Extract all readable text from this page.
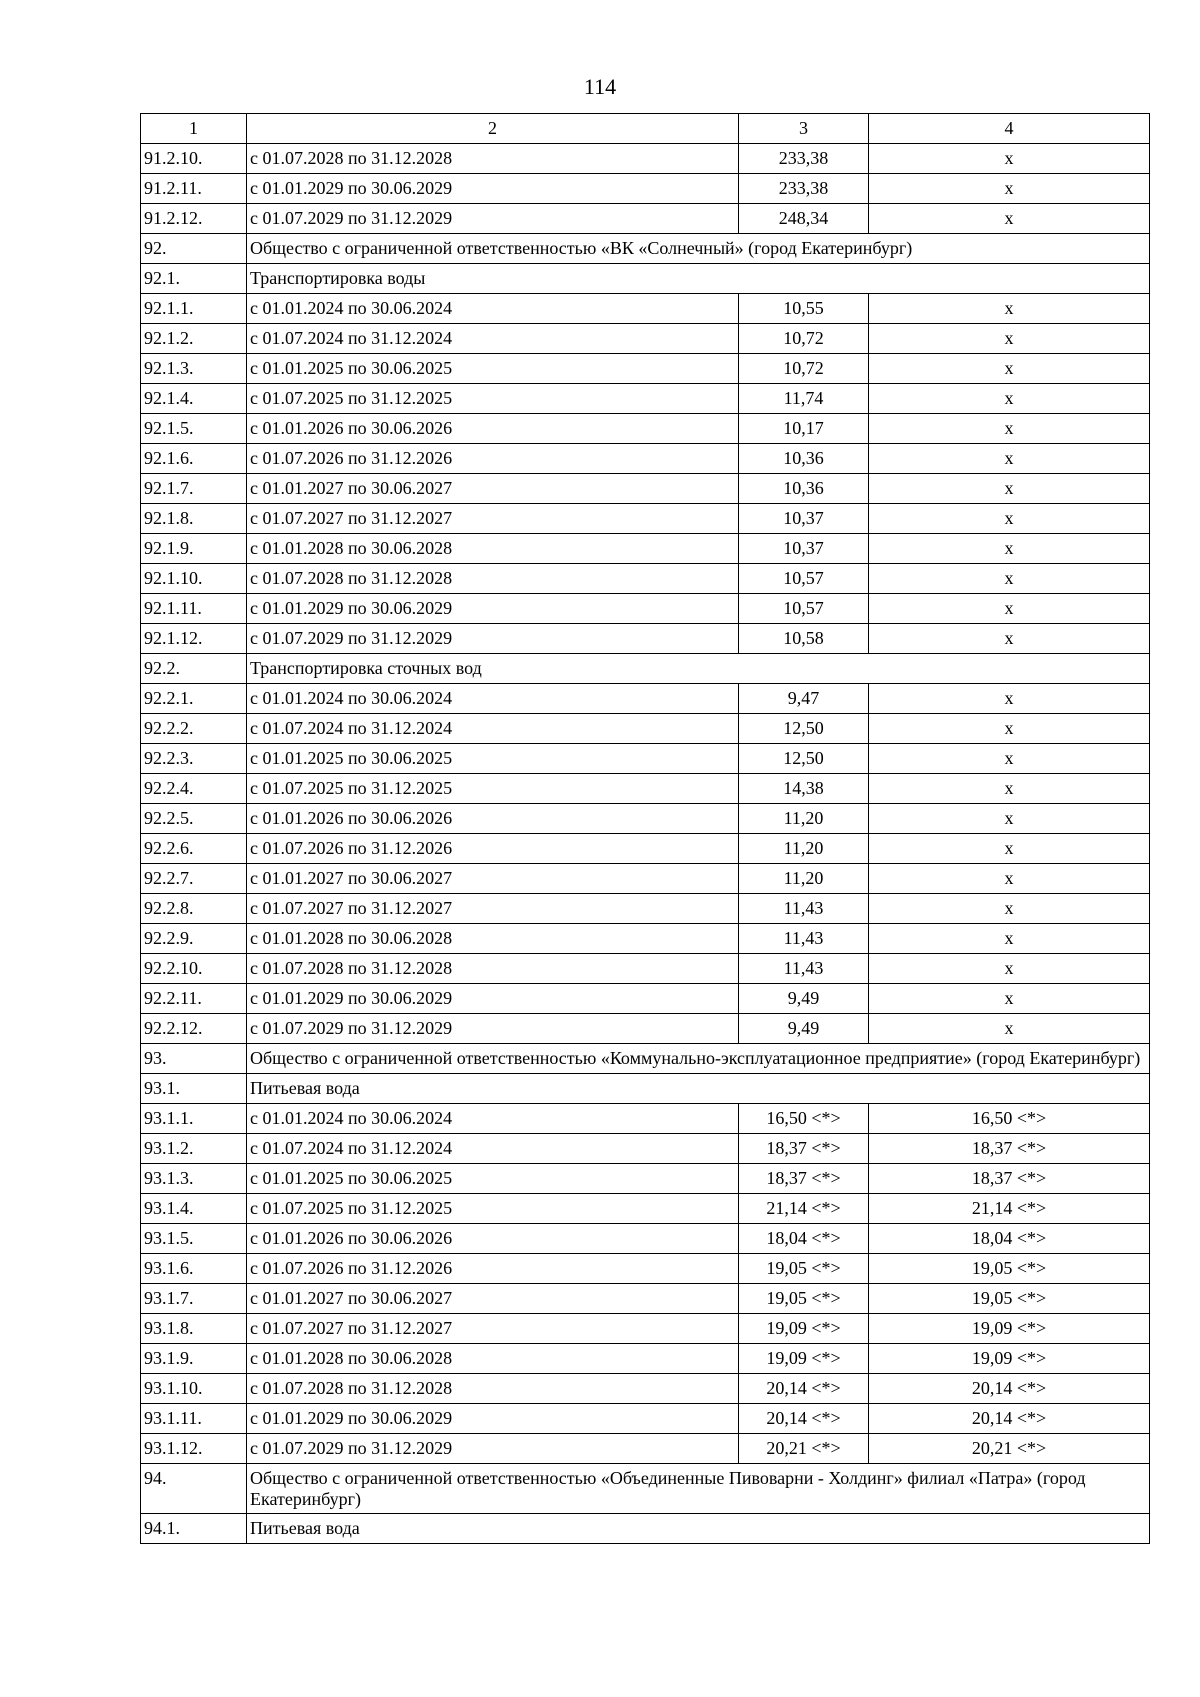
114
1	2	3	4
91.2.10.	с 01.07.2028 по 31.12.2028	233,38	x
91.2.11.	с 01.01.2029 по 30.06.2029	233,38	x
91.2.12.	с 01.07.2029 по 31.12.2029	248,34	x
92.	Общество с ограниченной ответственностью «ВК «Солнечный» (город Екатеринбург)		
92.1.	Транспортировка воды		
92.1.1.	с 01.01.2024 по 30.06.2024	10,55	x
92.1.2.	с 01.07.2024 по 31.12.2024	10,72	x
92.1.3.	с 01.01.2025 по 30.06.2025	10,72	x
92.1.4.	с 01.07.2025 по 31.12.2025	11,74	x
92.1.5.	с 01.01.2026 по 30.06.2026	10,17	x
92.1.6.	с 01.07.2026 по 31.12.2026	10,36	x
92.1.7.	с 01.01.2027 по 30.06.2027	10,36	x
92.1.8.	с 01.07.2027 по 31.12.2027	10,37	x
92.1.9.	с 01.01.2028 по 30.06.2028	10,37	x
92.1.10.	с 01.07.2028 по 31.12.2028	10,57	x
92.1.11.	с 01.01.2029 по 30.06.2029	10,57	x
92.1.12.	с 01.07.2029 по 31.12.2029	10,58	x
92.2.	Транспортировка сточных вод		
92.2.1.	с 01.01.2024 по 30.06.2024	9,47	x
92.2.2.	с 01.07.2024 по 31.12.2024	12,50	x
92.2.3.	с 01.01.2025 по 30.06.2025	12,50	x
92.2.4.	с 01.07.2025 по 31.12.2025	14,38	x
92.2.5.	с 01.01.2026 по 30.06.2026	11,20	x
92.2.6.	с 01.07.2026 по 31.12.2026	11,20	x
92.2.7.	с 01.01.2027 по 30.06.2027	11,20	x
92.2.8.	с 01.07.2027 по 31.12.2027	11,43	x
92.2.9.	с 01.01.2028 по 30.06.2028	11,43	x
92.2.10.	с 01.07.2028 по 31.12.2028	11,43	x
92.2.11.	с 01.01.2029 по 30.06.2029	9,49	x
92.2.12.	с 01.07.2029 по 31.12.2029	9,49	x
93.	Общество с ограниченной ответственностью «Коммунально-эксплуатационное предприятие» (город Екатеринбург)		
93.1.	Питьевая вода		
93.1.1.	с 01.01.2024 по 30.06.2024	16,50 <*>	16,50 <*>
93.1.2.	с 01.07.2024 по 31.12.2024	18,37 <*>	18,37 <*>
93.1.3.	с 01.01.2025 по 30.06.2025	18,37 <*>	18,37 <*>
93.1.4.	с 01.07.2025 по 31.12.2025	21,14 <*>	21,14 <*>
93.1.5.	с 01.01.2026 по 30.06.2026	18,04 <*>	18,04 <*>
93.1.6.	с 01.07.2026 по 31.12.2026	19,05 <*>	19,05 <*>
93.1.7.	с 01.01.2027 по 30.06.2027	19,05 <*>	19,05 <*>
93.1.8.	с 01.07.2027 по 31.12.2027	19,09 <*>	19,09 <*>
93.1.9.	с 01.01.2028 по 30.06.2028	19,09 <*>	19,09 <*>
93.1.10.	с 01.07.2028 по 31.12.2028	20,14 <*>	20,14 <*>
93.1.11.	с 01.01.2029 по 30.06.2029	20,14 <*>	20,14 <*>
93.1.12.	с 01.07.2029 по 31.12.2029	20,21 <*>	20,21 <*>
94.	Общество с ограниченной ответственностью «Объединенные Пивоварни - Холдинг» филиал «Патра» (город Екатеринбург)		
94.1.	Питьевая вода		
